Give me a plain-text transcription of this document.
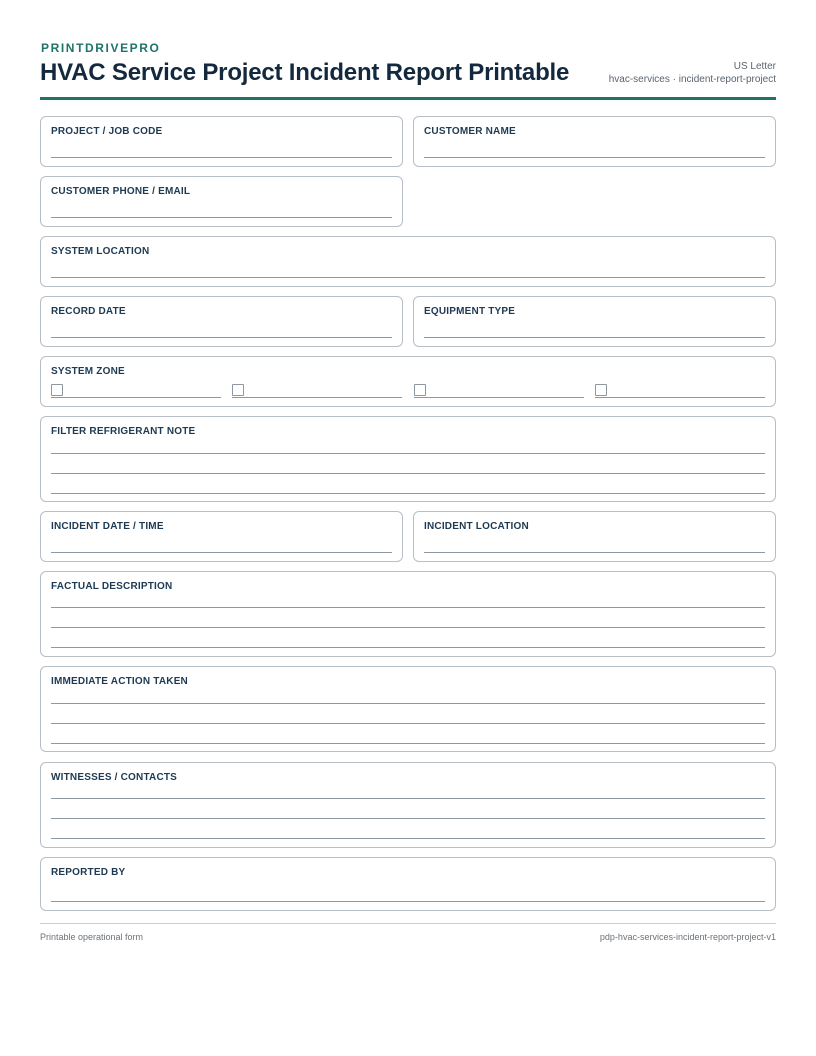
PRINTDRIVEPRO
HVAC Service Project Incident Report Printable	US Letter
hvac-services · incident-report-project
PROJECT / JOB CODE	CUSTOMER NAME
CUSTOMER PHONE / EMAIL
SYSTEM LOCATION
RECORD DATE	EQUIPMENT TYPE
SYSTEM ZONE
FILTER REFRIGERANT NOTE
INCIDENT DATE / TIME	INCIDENT LOCATION
FACTUAL DESCRIPTION
IMMEDIATE ACTION TAKEN
WITNESSES / CONTACTS
REPORTED BY
Printable operational form	pdp-hvac-services-incident-report-project-v1
